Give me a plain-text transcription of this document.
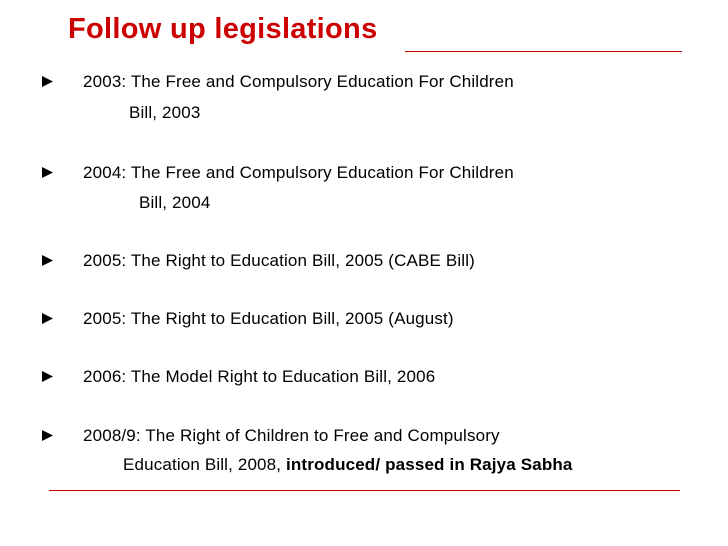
Follow up legislations
2003: The Free and Compulsory Education For Children
Bill, 2003
2004: The Free and Compulsory Education For Children
Bill, 2004
2005: The Right to Education Bill, 2005 (CABE Bill)
2005: The Right to Education Bill, 2005 (August)
2006: The Model Right to Education Bill, 2006
2008/9: The Right of Children to Free and Compulsory
Education Bill, 2008, introduced/ passed in Rajya Sabha
